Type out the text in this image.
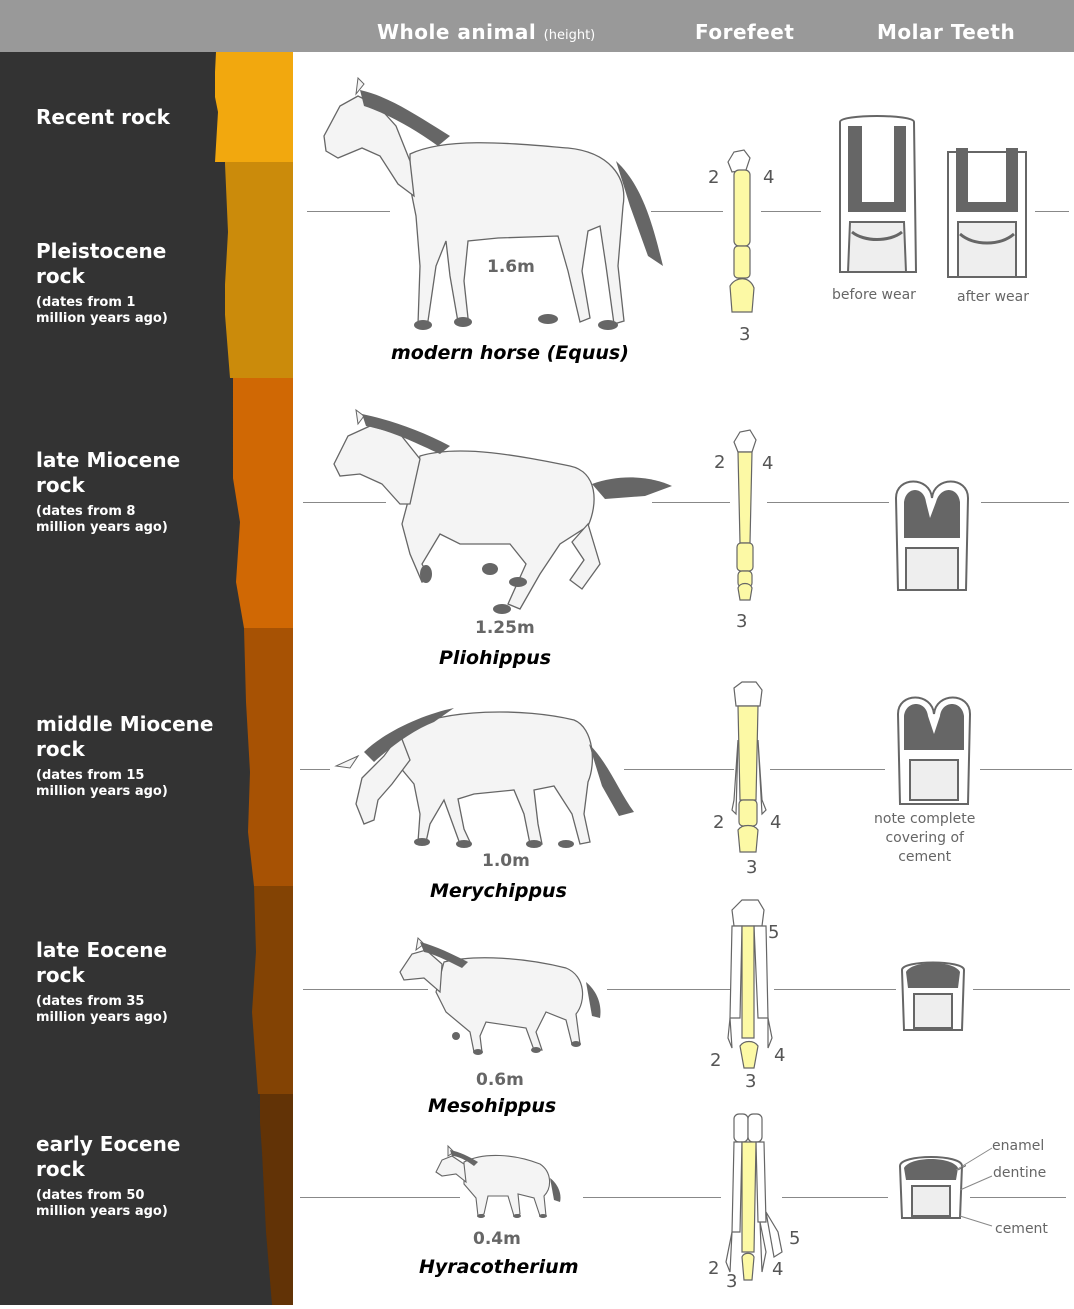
Whole animal (height)	Forefeet	Molar Teeth
Recent rock
Pleistocene
rock
(dates from 1
million years ago)
late Miocene
rock
(dates from 8
million years ago)
middle Miocene
rock
(dates from 15
million years ago)
late Eocene
rock
(dates from 35
million years ago)
early Eocene
rock
(dates from 50
million years ago)
1.6m
modern horse (Equus)
1.25m
Pliohippus
1.0m
Merychippus
0.6m
Mesohippus
0.4m
Hyracotherium
2 4
3
2 4
3
2	4
3
5
2	4
3
5
2
3
4
before wear	after wear
note complete
covering of
cement
enamel
dentine
cement
